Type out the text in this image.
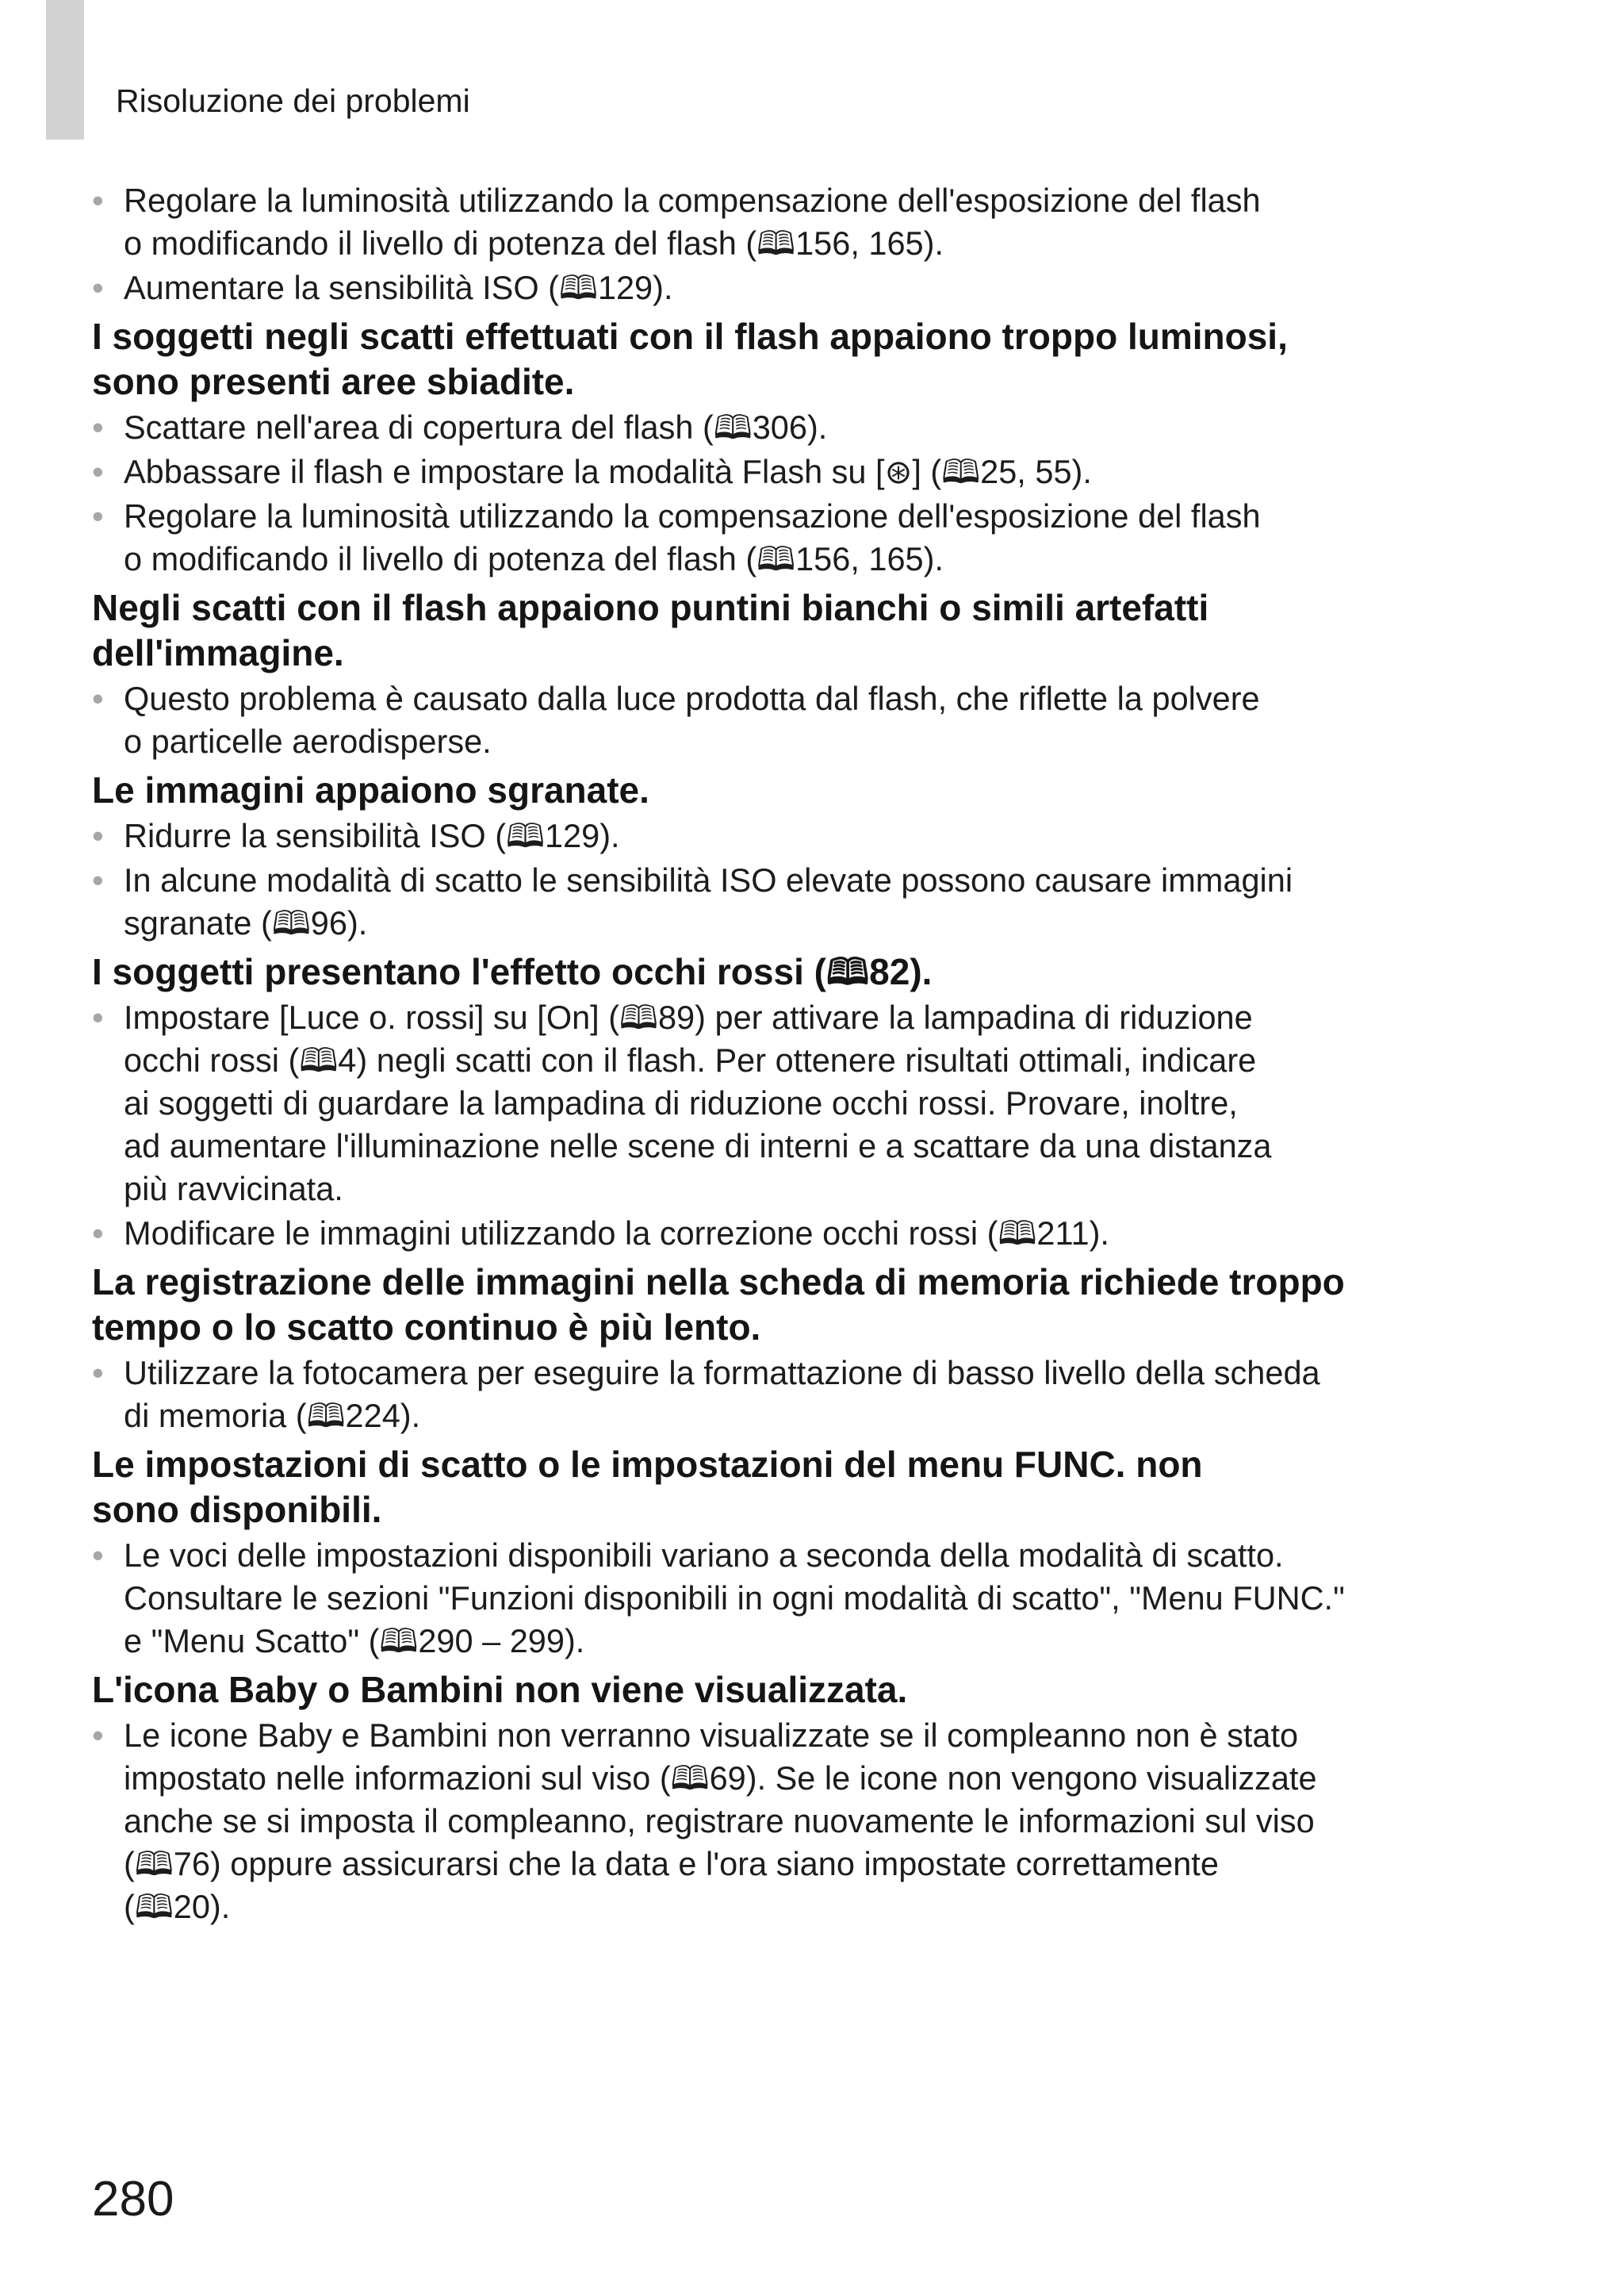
Risoluzione dei problemi
• Regolare la luminosità utilizzando la compensazione dell'esposizione del flash
o modificando il livello di potenza del flash (🕮156, 165).
• Aumentare la sensibilità ISO (🕮129).
I soggetti negli scatti effettuati con il flash appaiono troppo luminosi,
sono presenti aree sbiadite.
• Scattare nell'area di copertura del flash (🕮306).
• Abbassare il flash e impostare la modalità Flash su [⊛] (🕮25, 55).
• Regolare la luminosità utilizzando la compensazione dell'esposizione del flash
o modificando il livello di potenza del flash (🕮156, 165).
Negli scatti con il flash appaiono puntini bianchi o simili artefatti
dell'immagine.
• Questo problema è causato dalla luce prodotta dal flash, che riflette la polvere
o particelle aerodisperse.
Le immagini appaiono sgranate.
• Ridurre la sensibilità ISO (🕮129).
• In alcune modalità di scatto le sensibilità ISO elevate possono causare immagini
sgranate (🕮96).
I soggetti presentano l'effetto occhi rossi (🕮82).
• Impostare [Luce o. rossi] su [On] (🕮89) per attivare la lampadina di riduzione
occhi rossi (🕮4) negli scatti con il flash. Per ottenere risultati ottimali, indicare
ai soggetti di guardare la lampadina di riduzione occhi rossi. Provare, inoltre,
ad aumentare l'illuminazione nelle scene di interni e a scattare da una distanza
più ravvicinata.
• Modificare le immagini utilizzando la correzione occhi rossi (🕮211).
La registrazione delle immagini nella scheda di memoria richiede troppo
tempo o lo scatto continuo è più lento.
• Utilizzare la fotocamera per eseguire la formattazione di basso livello della scheda
di memoria (🕮224).
Le impostazioni di scatto o le impostazioni del menu FUNC. non
sono disponibili.
• Le voci delle impostazioni disponibili variano a seconda della modalità di scatto.
Consultare le sezioni "Funzioni disponibili in ogni modalità di scatto", "Menu FUNC."
e "Menu Scatto" (🕮290 – 299).
L'icona Baby o Bambini non viene visualizzata.
• Le icone Baby e Bambini non verranno visualizzate se il compleanno non è stato
impostato nelle informazioni sul viso (🕮69). Se le icone non vengono visualizzate
anche se si imposta il compleanno, registrare nuovamente le informazioni sul viso
(🕮76) oppure assicurarsi che la data e l'ora siano impostate correttamente
(🕮20).
280
